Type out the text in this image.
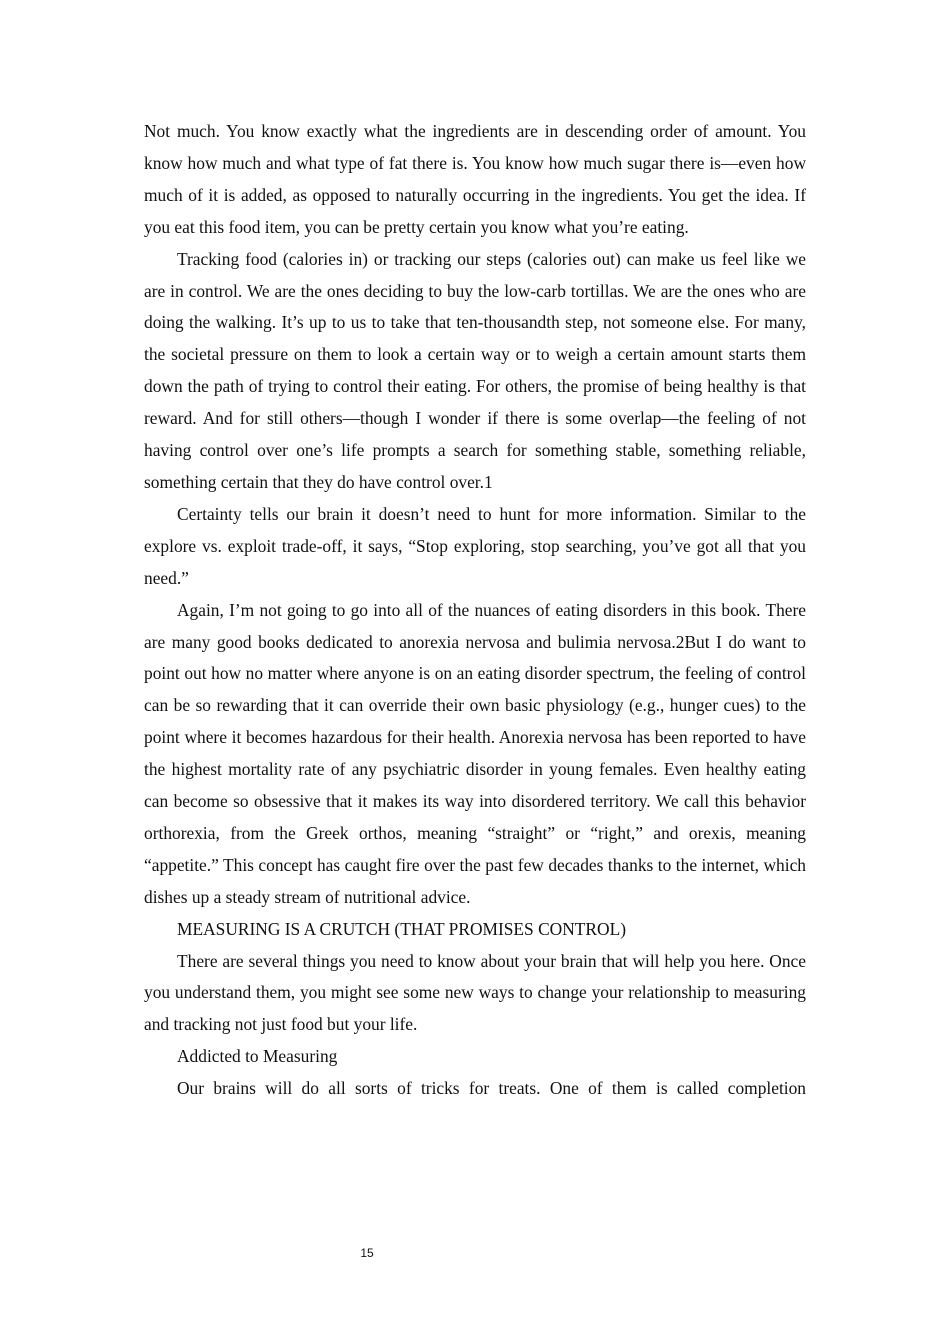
Not much. You know exactly what the ingredients are in descending order of amount. You know how much and what type of fat there is. You know how much sugar there is—even how much of it is added, as opposed to naturally occurring in the ingredients. You get the idea. If you eat this food item, you can be pretty certain you know what you’re eating.

Tracking food (calories in) or tracking our steps (calories out) can make us feel like we are in control. We are the ones deciding to buy the low-carb tortillas. We are the ones who are doing the walking. It’s up to us to take that ten-thousandth step, not someone else. For many, the societal pressure on them to look a certain way or to weigh a certain amount starts them down the path of trying to control their eating. For others, the promise of being healthy is that reward. And for still others—though I wonder if there is some overlap—the feeling of not having control over one’s life prompts a search for something stable, something reliable, something certain that they do have control over.1

Certainty tells our brain it doesn’t need to hunt for more information. Similar to the explore vs. exploit trade-off, it says, “Stop exploring, stop searching, you’ve got all that you need.”

Again, I’m not going to go into all of the nuances of eating disorders in this book. There are many good books dedicated to anorexia nervosa and bulimia nervosa.2But I do want to point out how no matter where anyone is on an eating disorder spectrum, the feeling of control can be so rewarding that it can override their own basic physiology (e.g., hunger cues) to the point where it becomes hazardous for their health. Anorexia nervosa has been reported to have the highest mortality rate of any psychiatric disorder in young females. Even healthy eating can become so obsessive that it makes its way into disordered territory. We call this behavior orthorexia, from the Greek orthos, meaning “straight” or “right,” and orexis, meaning “appetite.” This concept has caught fire over the past few decades thanks to the internet, which dishes up a steady stream of nutritional advice.

MEASURING IS A CRUTCH (THAT PROMISES CONTROL)

There are several things you need to know about your brain that will help you here. Once you understand them, you might see some new ways to change your relationship to measuring and tracking not just food but your life.

Addicted to Measuring

Our brains will do all sorts of tricks for treats. One of them is called completion

15
